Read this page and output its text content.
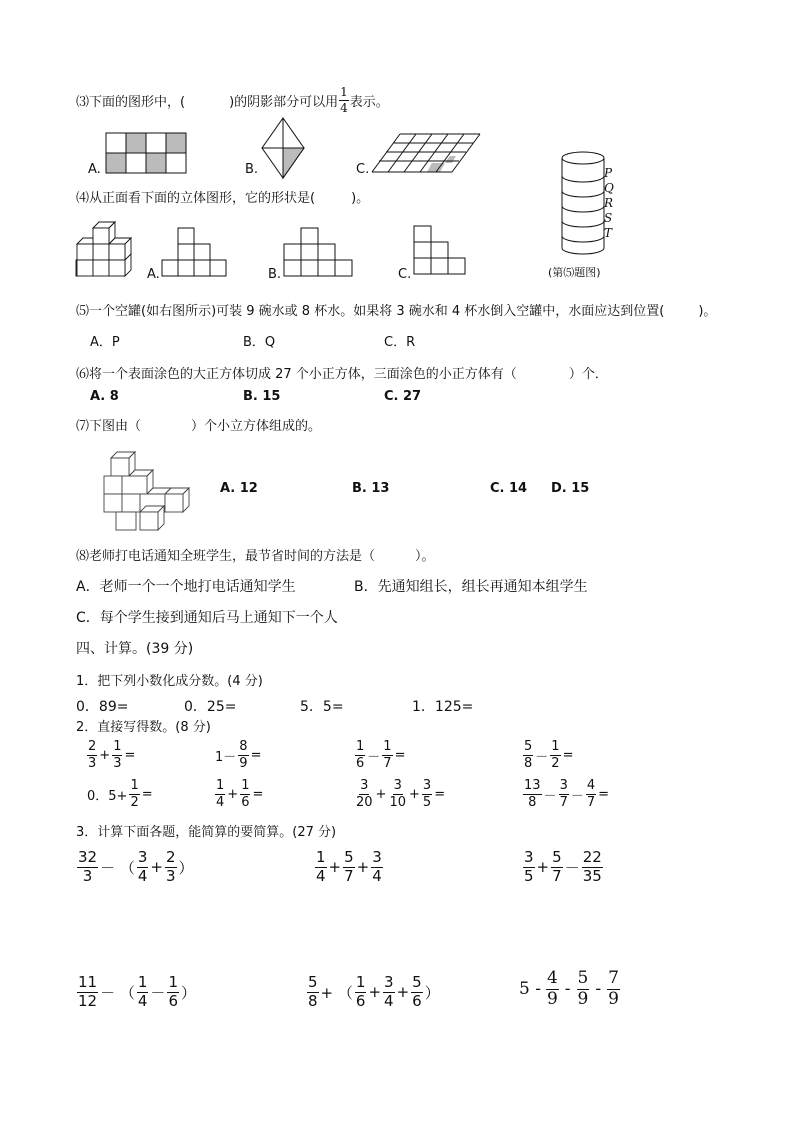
⑶下面的图形中，(	)的阴影部分可以用 $\frac{1}{4}$ 表示。
A.	B.	C.	P
Q
R
S
T
(第⑸题图)
⑷从正面看下面的立体图形，它的形状是(	)。
A.	B.	C.
⑸一个空罐(如右图所示)可装 9 碗水或 8 杯水。如果将 3 碗水和 4 杯水倒入空罐中，水面应达到位置(	)。
A．P	B．Q	C．R
⑹将一个表面涂色的大正方体切成 27 个小正方体，三面涂色的小正方体有（	）个．
A. 8	B. 15	C. 27
⑺下图由（	）个小立方体组成的。
A. 12	B. 13	C. 14 D. 15
⑻老师打电话通知全班学生，最节省时间的方法是（	）。
A．老师一个一个地打电话通知学生	B．先通知组长，组长再通知本组学生
C．每个学生接到通知后马上通知下一个人
四、计算。(39 分)
1．把下列小数化成分数。(4 分)
0．89=	0．25=	5．5=	1．125=
2．直接写得数。(8 分)
$\frac{2}{3} + \frac{1}{3}$ =	$1- \frac{8}{9}$ =	$\frac{1}{6} - \frac{1}{7}$ =	$\frac{5}{8} - \frac{1}{2}$ =
0．$5+ \frac{1}{2}$ =	$\frac{1}{4} + \frac{1}{6}$ =	$\frac{3}{20} + \frac{3}{10} + \frac{3}{5}$ =	$\frac{13}{8} - \frac{3}{7} - \frac{4}{7}$ =
3．计算下面各题，能简算的要简算。(27 分)
$\frac{32}{3}$ － （ $\frac{3}{4} + \frac{2}{3}$ ）	$\frac{1}{4} + \frac{5}{7} + \frac{3}{4}$	$\frac{3}{5} + \frac{5}{7} - \frac{22}{35}$
$\frac{11}{12}$ － （ $\frac{1}{4} - \frac{1}{6}$ ）	$\frac{5}{8}$ + （ $\frac{1}{6} + \frac{3}{4} + \frac{5}{6}$ ）	$5 - \frac{4}{9} - \frac{5}{9} - \frac{7}{9}$
